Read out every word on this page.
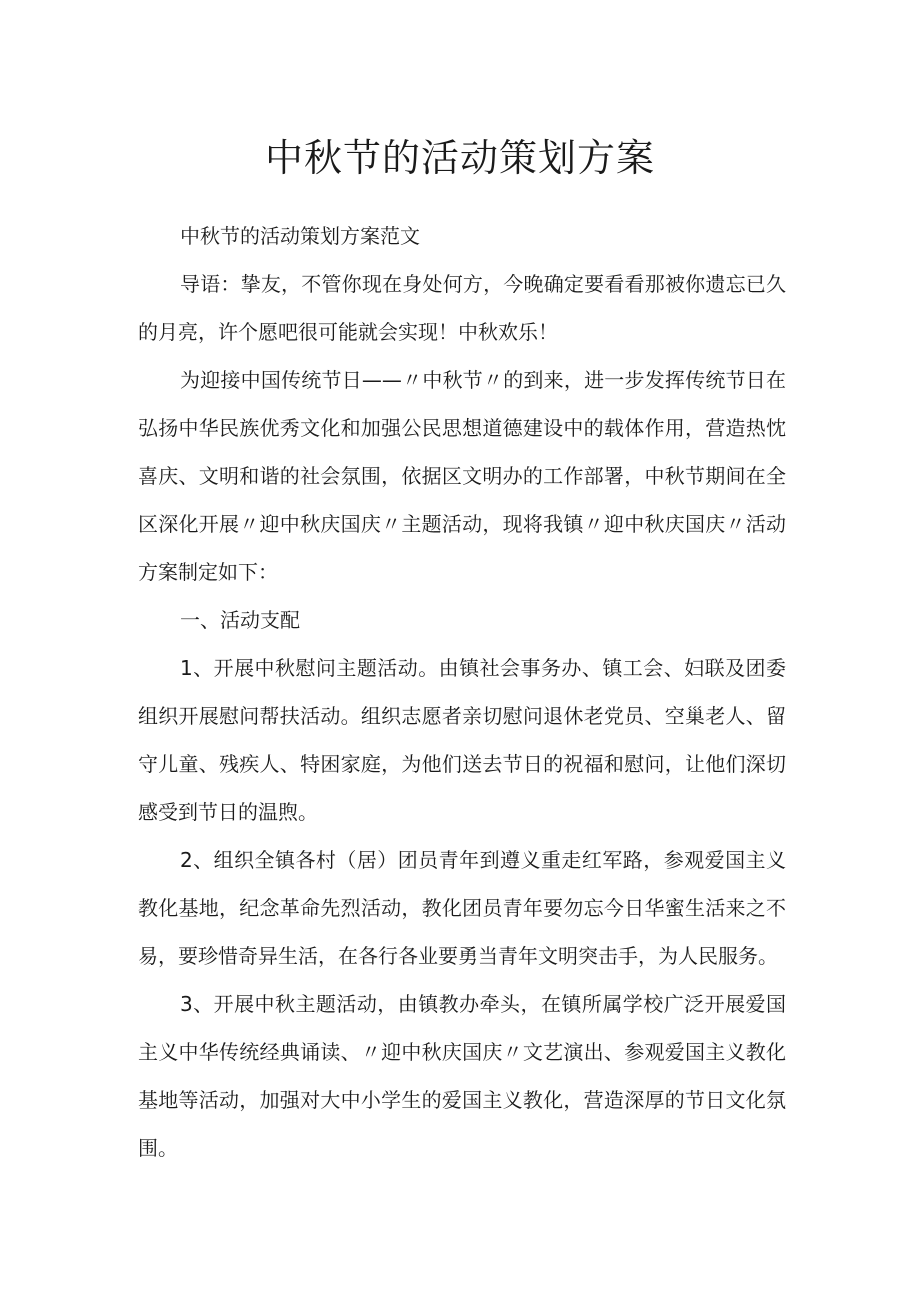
中秋节的活动策划方案

中秋节的活动策划方案范文

导语：挚友，不管你现在身处何方，今晚确定要看看那被你遗忘已久的月亮，许个愿吧很可能就会实现！中秋欢乐！

为迎接中国传统节日——〃中秋节〃的到来，进一步发挥传统节日在弘扬中华民族优秀文化和加强公民思想道德建设中的载体作用，营造热忱喜庆、文明和谐的社会氛围，依据区文明办的工作部署，中秋节期间在全区深化开展〃迎中秋庆国庆〃主题活动，现将我镇〃迎中秋庆国庆〃活动方案制定如下：

一、活动支配

1、开展中秋慰问主题活动。由镇社会事务办、镇工会、妇联及团委组织开展慰问帮扶活动。组织志愿者亲切慰问退休老党员、空巢老人、留守儿童、残疾人、特困家庭，为他们送去节日的祝福和慰问，让他们深切感受到节日的温煦。

2、组织全镇各村（居）团员青年到遵义重走红军路，参观爱国主义教化基地，纪念革命先烈活动，教化团员青年要勿忘今日华蜜生活来之不易，要珍惜奇异生活，在各行各业要勇当青年文明突击手，为人民服务。

3、开展中秋主题活动，由镇教办牵头，在镇所属学校广泛开展爱国主义中华传统经典诵读、〃迎中秋庆国庆〃文艺演出、参观爱国主义教化基地等活动，加强对大中小学生的爱国主义教化，营造深厚的节日文化氛围。
